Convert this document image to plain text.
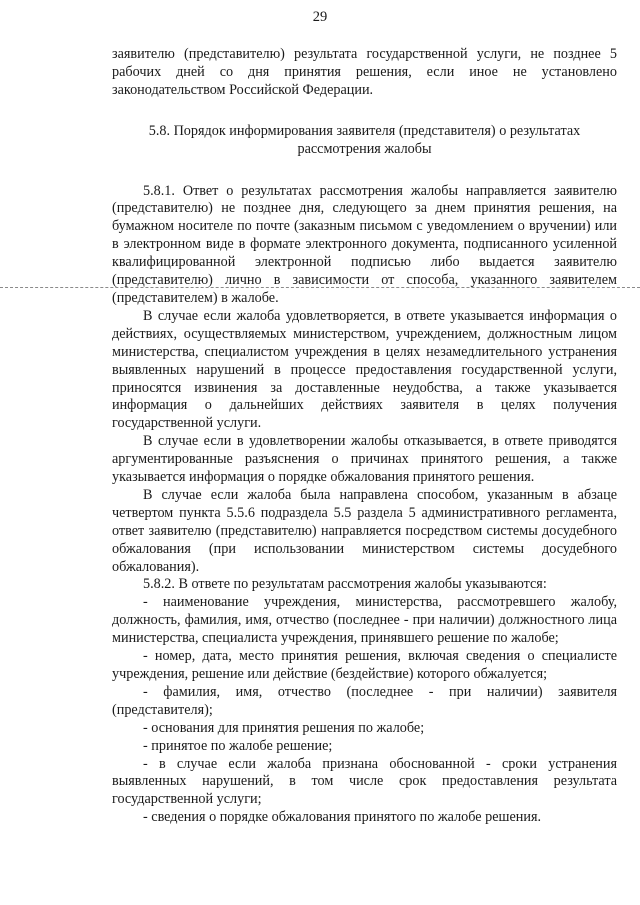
29

заявителю (представителю) результата государственной услуги, не позднее 5 рабочих дней со дня принятия решения, если иное не установлено законодательством Российской Федерации.

5.8. Порядок информирования заявителя (представителя) о результатах рассмотрения жалобы

5.8.1. Ответ о результатах рассмотрения жалобы направляется заявителю (представителю) не позднее дня, следующего за днем принятия решения, на бумажном носителе по почте (заказным письмом с уведомлением о вручении) или в электронном виде в формате электронного документа, подписанного усиленной квалифицированной электронной подписью либо выдается заявителю (представителю) лично в зависимости от способа, указанного заявителем (представителем) в жалобе.

В случае если жалоба удовлетворяется, в ответе указывается информация о действиях, осуществляемых министерством, учреждением, должностным лицом министерства, специалистом учреждения в целях незамедлительного устранения выявленных нарушений в процессе предоставления государственной услуги, приносятся извинения за доставленные неудобства, а также указывается информация о дальнейших действиях заявителя в целях получения государственной услуги.

В случае если в удовлетворении жалобы отказывается, в ответе приводятся аргументированные разъяснения о причинах принятого решения, а также указывается информация о порядке обжалования принятого решения.

В случае если жалоба была направлена способом, указанным в абзаце четвертом пункта 5.5.6 подраздела 5.5 раздела 5 административного регламента, ответ заявителю (представителю) направляется посредством системы досудебного обжалования (при использовании министерством системы досудебного обжалования).

5.8.2. В ответе по результатам рассмотрения жалобы указываются:

- наименование учреждения, министерства, рассмотревшего жалобу, должность, фамилия, имя, отчество (последнее - при наличии) должностного лица министерства, специалиста учреждения, принявшего решение по жалобе;

- номер, дата, место принятия решения, включая сведения о специалисте учреждения, решение или действие (бездействие) которого обжалуется;

- фамилия, имя, отчество (последнее - при наличии) заявителя (представителя);

- основания для принятия решения по жалобе;

- принятое по жалобе решение;

- в случае если жалоба признана обоснованной - сроки устранения выявленных нарушений, в том числе срок предоставления результата государственной услуги;

- сведения о порядке обжалования принятого по жалобе решения.
